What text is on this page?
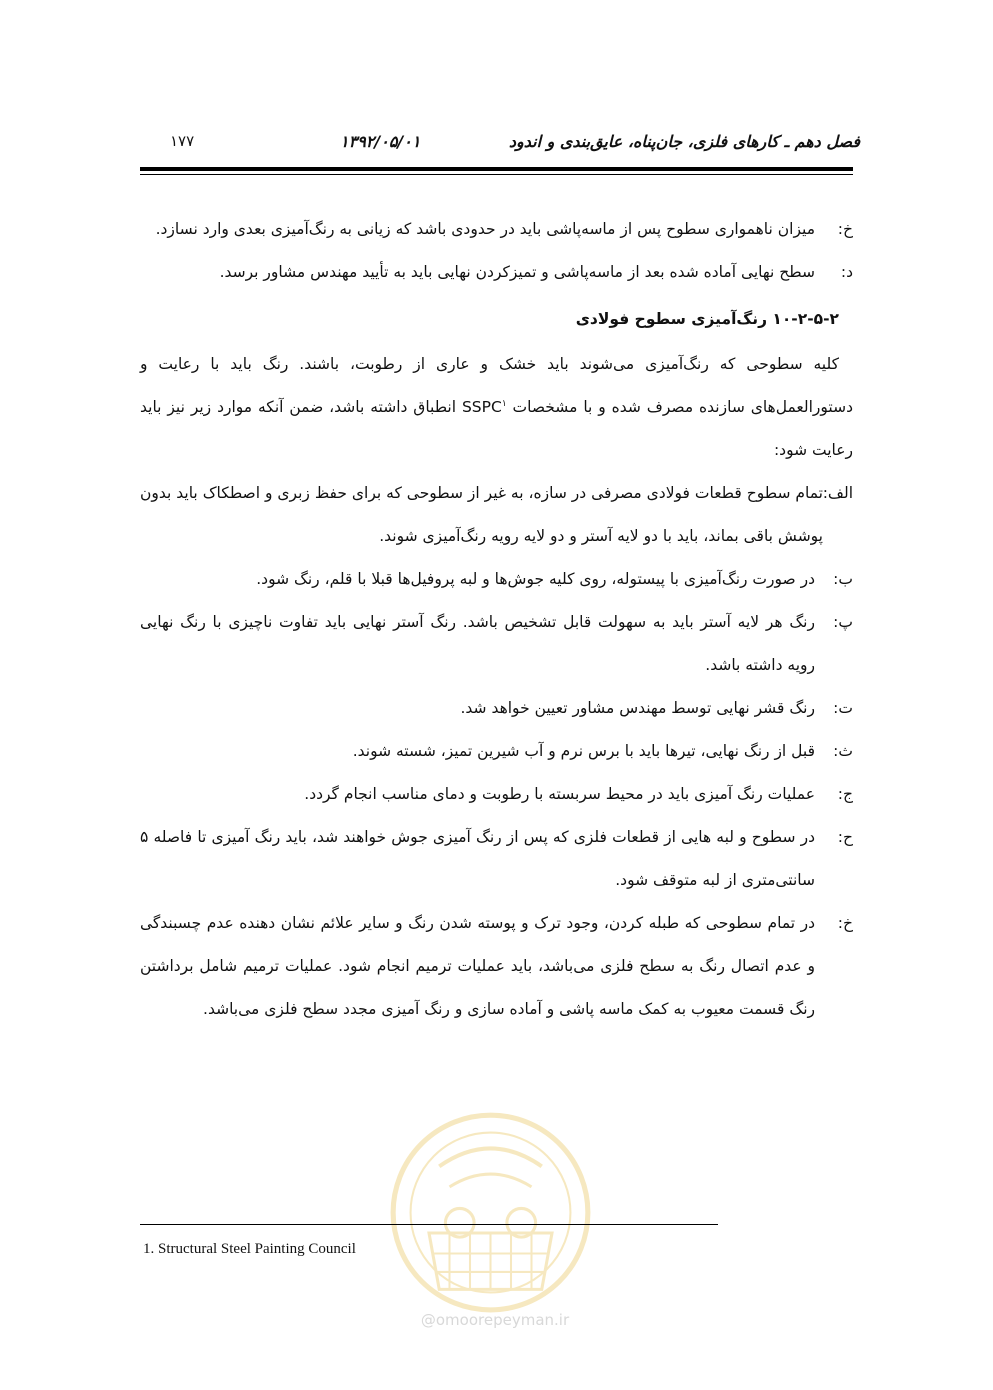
فصل دهم ـ کارهای فلزی، جان‌پناه، عایق‌بندی و اندود
۱۳۹۲/۰۵/۰۱
۱۷۷
@omoorepeyman.ir
خ:
میزان ناهمواری سطوح پس از ماسه‌پاشی باید در حدودی باشد که زیانی به رنگ‌آمیزی بعدی وارد نسازد.
د:
سطح نهایی آماده شده بعد از ماسه‌پاشی و تمیزکردن نهایی باید به تأیید مهندس مشاور برسد.
۱۰-۲-۵-۲ رنگ‌آمیزی سطوح فولادی
کلیه سطوحی که رنگ‌آمیزی می‌شوند باید خشک و عاری از رطوبت، باشند. رنگ باید با رعایت و دستورالعمل‌های سازنده مصرف شده و با مشخصات SSPC$^۱$ انطباق داشته باشد، ضمن آنکه موارد زیر نیز باید رعایت شود:
الف:
تمام سطوح قطعات فولادی مصرفی در سازه، به غیر از سطوحی که برای حفظ زبری و اصطکاک باید بدون پوشش باقی بماند، باید با دو لایه آستر و دو لایه رویه رنگ‌آمیزی شوند.
ب:
در صورت رنگ‌آمیزی با پیستوله، روی کلیه جوش‌ها و لبه پروفیل‌ها قبلا با قلم، رنگ شود.
پ:
رنگ هر لایه آستر باید به سهولت قابل تشخیص باشد. رنگ آستر نهایی باید تفاوت ناچیزی با رنگ نهایی رویه داشته باشد.
ت:
رنگ قشر نهایی توسط مهندس مشاور تعیین خواهد شد.
ث:
قبل از رنگ نهایی، تیرها باید با برس نرم و آب شیرین تمیز، شسته شوند.
ج:
عملیات رنگ آمیزی باید در محیط سربسته با رطوبت و دمای مناسب انجام گردد.
ح:
در سطوح و لبه هایی از قطعات فلزی که پس از رنگ آمیزی جوش خواهند شد، باید رنگ آمیزی تا فاصله ۵ سانتی‌متری از لبه متوقف شود.
خ:
در تمام سطوحی که طبله کردن، وجود ترک و پوسته شدن رنگ و سایر علائم نشان دهنده عدم چسبندگی و عدم اتصال رنگ به سطح فلزی می‌باشد، باید عملیات ترمیم انجام شود. عملیات ترمیم شامل برداشتن رنگ قسمت معیوب به کمک ماسه پاشی و آماده سازی و رنگ آمیزی مجدد سطح فلزی می‌باشد.
1. Structural Steel Painting Council
